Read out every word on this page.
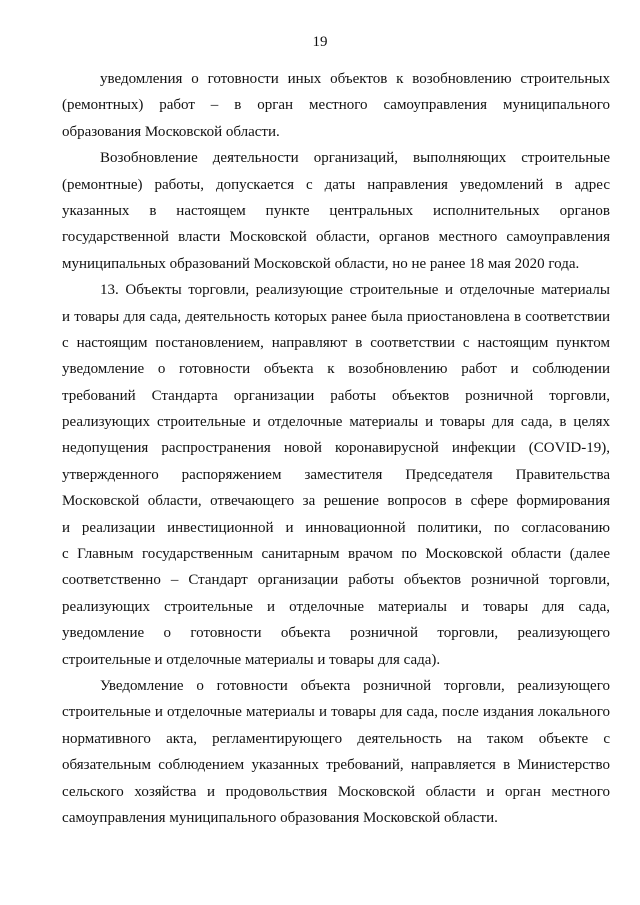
19
уведомления о готовности иных объектов к возобновлению строительных
(ремонтных) работ – в орган местного самоуправления муниципального
образования Московской области.
Возобновление деятельности организаций, выполняющих строительные
(ремонтные) работы, допускается с даты направления уведомлений в адрес
указанных в настоящем пункте центральных исполнительных органов
государственной власти Московской области, органов местного самоуправления
муниципальных образований Московской области, но не ранее 18 мая 2020 года.
13. Объекты торговли, реализующие строительные и отделочные материалы
и товары для сада, деятельность которых ранее была приостановлена в соответствии
с настоящим постановлением, направляют в соответствии с настоящим пунктом
уведомление о готовности объекта к возобновлению работ и соблюдении
требований Стандарта организации работы объектов розничной торговли,
реализующих строительные и отделочные материалы и товары для сада, в целях
недопущения распространения новой коронавирусной инфекции (COVID-19),
утвержденного распоряжением заместителя Председателя Правительства
Московской области, отвечающего за решение вопросов в сфере формирования
и реализации инвестиционной и инновационной политики, по согласованию
с Главным государственным санитарным врачом по Московской области (далее
соответственно – Стандарт организации работы объектов розничной торговли,
реализующих строительные и отделочные материалы и товары для сада,
уведомление о готовности объекта розничной торговли, реализующего
строительные и отделочные материалы и товары для сада).
Уведомление о готовности объекта розничной торговли, реализующего
строительные и отделочные материалы и товары для сада, после издания локального
нормативного акта, регламентирующего деятельность на таком объекте с
обязательным соблюдением указанных требований, направляется в Министерство
сельского хозяйства и продовольствия Московской области и орган местного
самоуправления муниципального образования Московской области.
